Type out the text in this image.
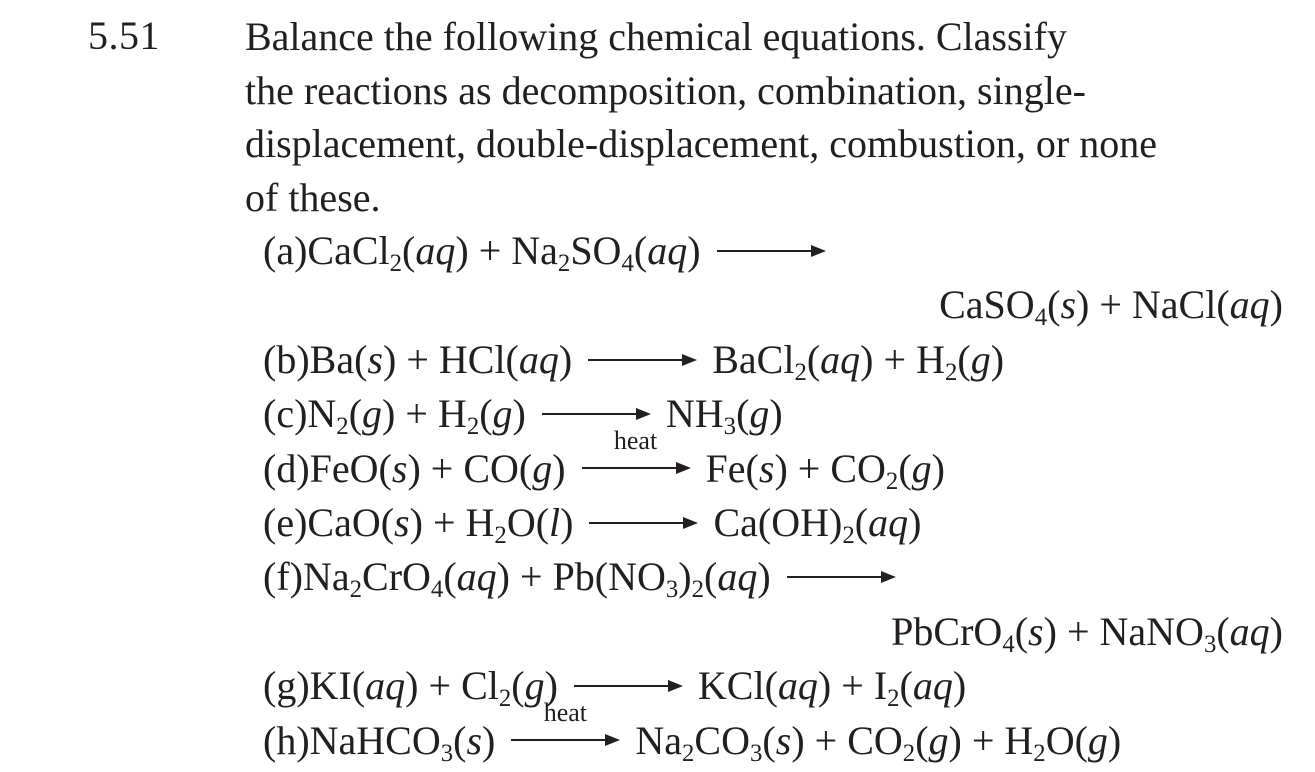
5.51 Balance the following chemical equations. Classify
the reactions as decomposition, combination, single-
displacement, double-displacement, combustion, or none
of these.
(a)CaCl$_2$(aq) + $Na_2SO_4(aq)$ →
CaSO$_4$(s) + NaCl(aq)
(b)Ba(s) + HCl(aq) → BaCl$_2$(aq) + $H_2(g)$
$(c)N_2(g) + H_2(g) \to NH_3(g)$
(d)FeO(s) + CO(g)
heat
$Fe(s) + CO_2(g)$
$(e)CaO(s) + H_2O(l) \to Ca(OH)_2(aq)$
$(f)Na_2CrO_4(aq) + Pb(NO_3)_2(aq)$ →
PbCrO$_4$(s) + NaNO$_3$(aq)
$(g)KI(aq) + Cl_2(g) \to KCl(aq) + I_2(aq)$
(h)NaHCO$_3$(s)
heat
$Na_2CO_3(s) + CO_2(g) + H_2O(g)$
